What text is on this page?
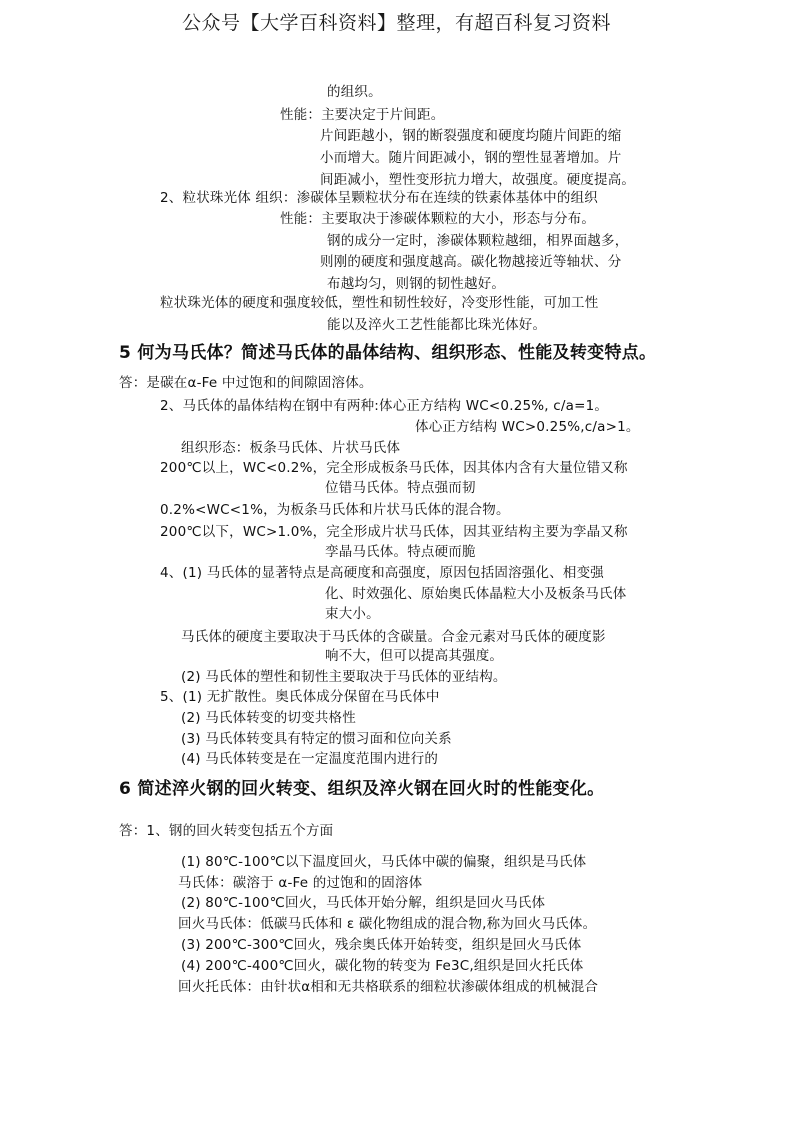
公众号【大学百科资料】整理，有超百科复习资料
的组织。
性能：主要决定于片间距。
片间距越小，钢的断裂强度和硬度均随片间距的缩
小而增大。随片间距减小，钢的塑性显著增加。片
间距减小，塑性变形抗力增大，故强度。硬度提高。
2、粒状珠光体 组织：渗碳体呈颗粒状分布在连续的铁素体基体中的组织
性能：主要取决于渗碳体颗粒的大小，形态与分布。
钢的成分一定时，渗碳体颗粒越细，相界面越多，
则刚的硬度和强度越高。碳化物越接近等轴状、分
布越均匀，则钢的韧性越好。
粒状珠光体的硬度和强度较低，塑性和韧性较好，冷变形性能，可加工性
能以及淬火工艺性能都比珠光体好。
5 何为马氏体？简述马氏体的晶体结构、组织形态、性能及转变特点。
答：是碳在α-Fe 中过饱和的间隙固溶体。
2、马氏体的晶体结构在钢中有两种:体心正方结构 WC<0.25%, c/a=1。
体心正方结构 WC>0.25%,c/a>1。
组织形态：板条马氏体、片状马氏体
200℃以上，WC<0.2%，完全形成板条马氏体，因其体内含有大量位错又称
位错马氏体。特点强而韧
0.2%<WC<1%，为板条马氏体和片状马氏体的混合物。
200℃以下，WC>1.0%，完全形成片状马氏体，因其亚结构主要为孪晶又称
孪晶马氏体。特点硬而脆
4、(1) 马氏体的显著特点是高硬度和高强度，原因包括固溶强化、相变强
化、时效强化、原始奥氏体晶粒大小及板条马氏体
束大小。
马氏体的硬度主要取决于马氏体的含碳量。合金元素对马氏体的硬度影
响不大，但可以提高其强度。
(2) 马氏体的塑性和韧性主要取决于马氏体的亚结构。
5、(1) 无扩散性。奥氏体成分保留在马氏体中
(2) 马氏体转变的切变共格性
(3) 马氏体转变具有特定的惯习面和位向关系
(4) 马氏体转变是在一定温度范围内进行的
6 简述淬火钢的回火转变、组织及淬火钢在回火时的性能变化。
答：1、钢的回火转变包括五个方面
(1) 80℃-100℃以下温度回火，马氏体中碳的偏聚，组织是马氏体
马氏体：碳溶于 α-Fe 的过饱和的固溶体
(2) 80℃-100℃回火，马氏体开始分解，组织是回火马氏体
回火马氏体：低碳马氏体和 ε 碳化物组成的混合物,称为回火马氏体。
(3) 200℃-300℃回火，残余奥氏体开始转变，组织是回火马氏体
(4) 200℃-400℃回火，碳化物的转变为 Fe3C,组织是回火托氏体
回火托氏体：由针状α相和无共格联系的细粒状渗碳体组成的机械混合
